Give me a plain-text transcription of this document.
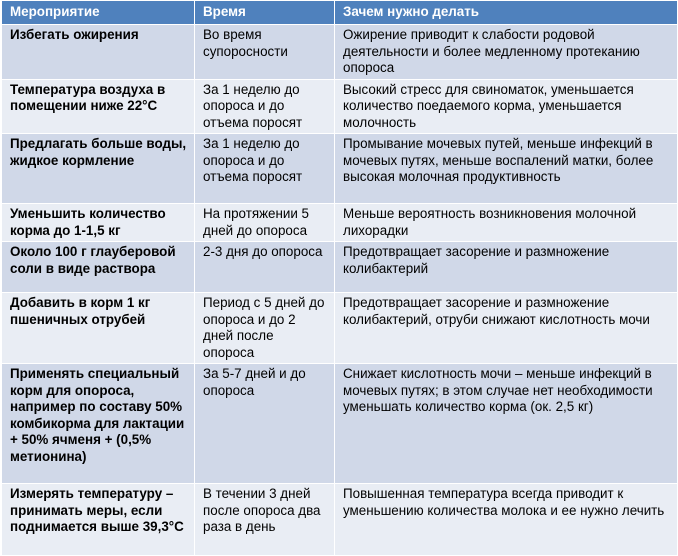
Мероприятие	Время	Зачем нужно делать
Избегать ожирения	Во время супоросности	Ожирение приводит к слабости родовой деятельности и более медленному протеканию опороса
Температура воздуха в помещении ниже 22°С	За 1 неделю до опороса и до отъема поросят	Высокий стресс для свиноматок, уменьшается количество поедаемого корма, уменьшается молочность
Предлагать больше воды, жидкое кормление	За 1 неделю до опороса и до отъема поросят	Промывание мочевых путей, меньше инфекций в мочевых путях, меньше воспалений матки, более высокая молочная продуктивность
Уменьшить количество корма до 1-1,5 кг	На протяжении 5 дней до опороса	Меньше вероятность возникновения молочной лихорадки
Около 100 г глауберовой соли в виде раствора	2-3 дня до опороса	Предотвращает засорение и размножение колибактерий
Добавить в корм 1 кг пшеничных отрубей	Период с 5 дней до опороса и до 2 дней после опороса	Предотвращает засорение и размножение колибактерий, отруби снижают кислотность мочи
Применять специальный корм для опороса, например по составу 50% комбикорма для лактации + 50% ячменя + (0,5% метионина)	За 5-7 дней и до опороса	Снижает кислотность мочи – меньше инфекций в мочевых путях; в этом случае нет необходимости уменьшать количество корма (ок. 2,5 кг)
Измерять температуру – принимать меры, если поднимается выше 39,3°С	В течении 3 дней после опороса два раза в день	Повышенная температура всегда приводит к уменьшению количества молока и ее нужно лечить
